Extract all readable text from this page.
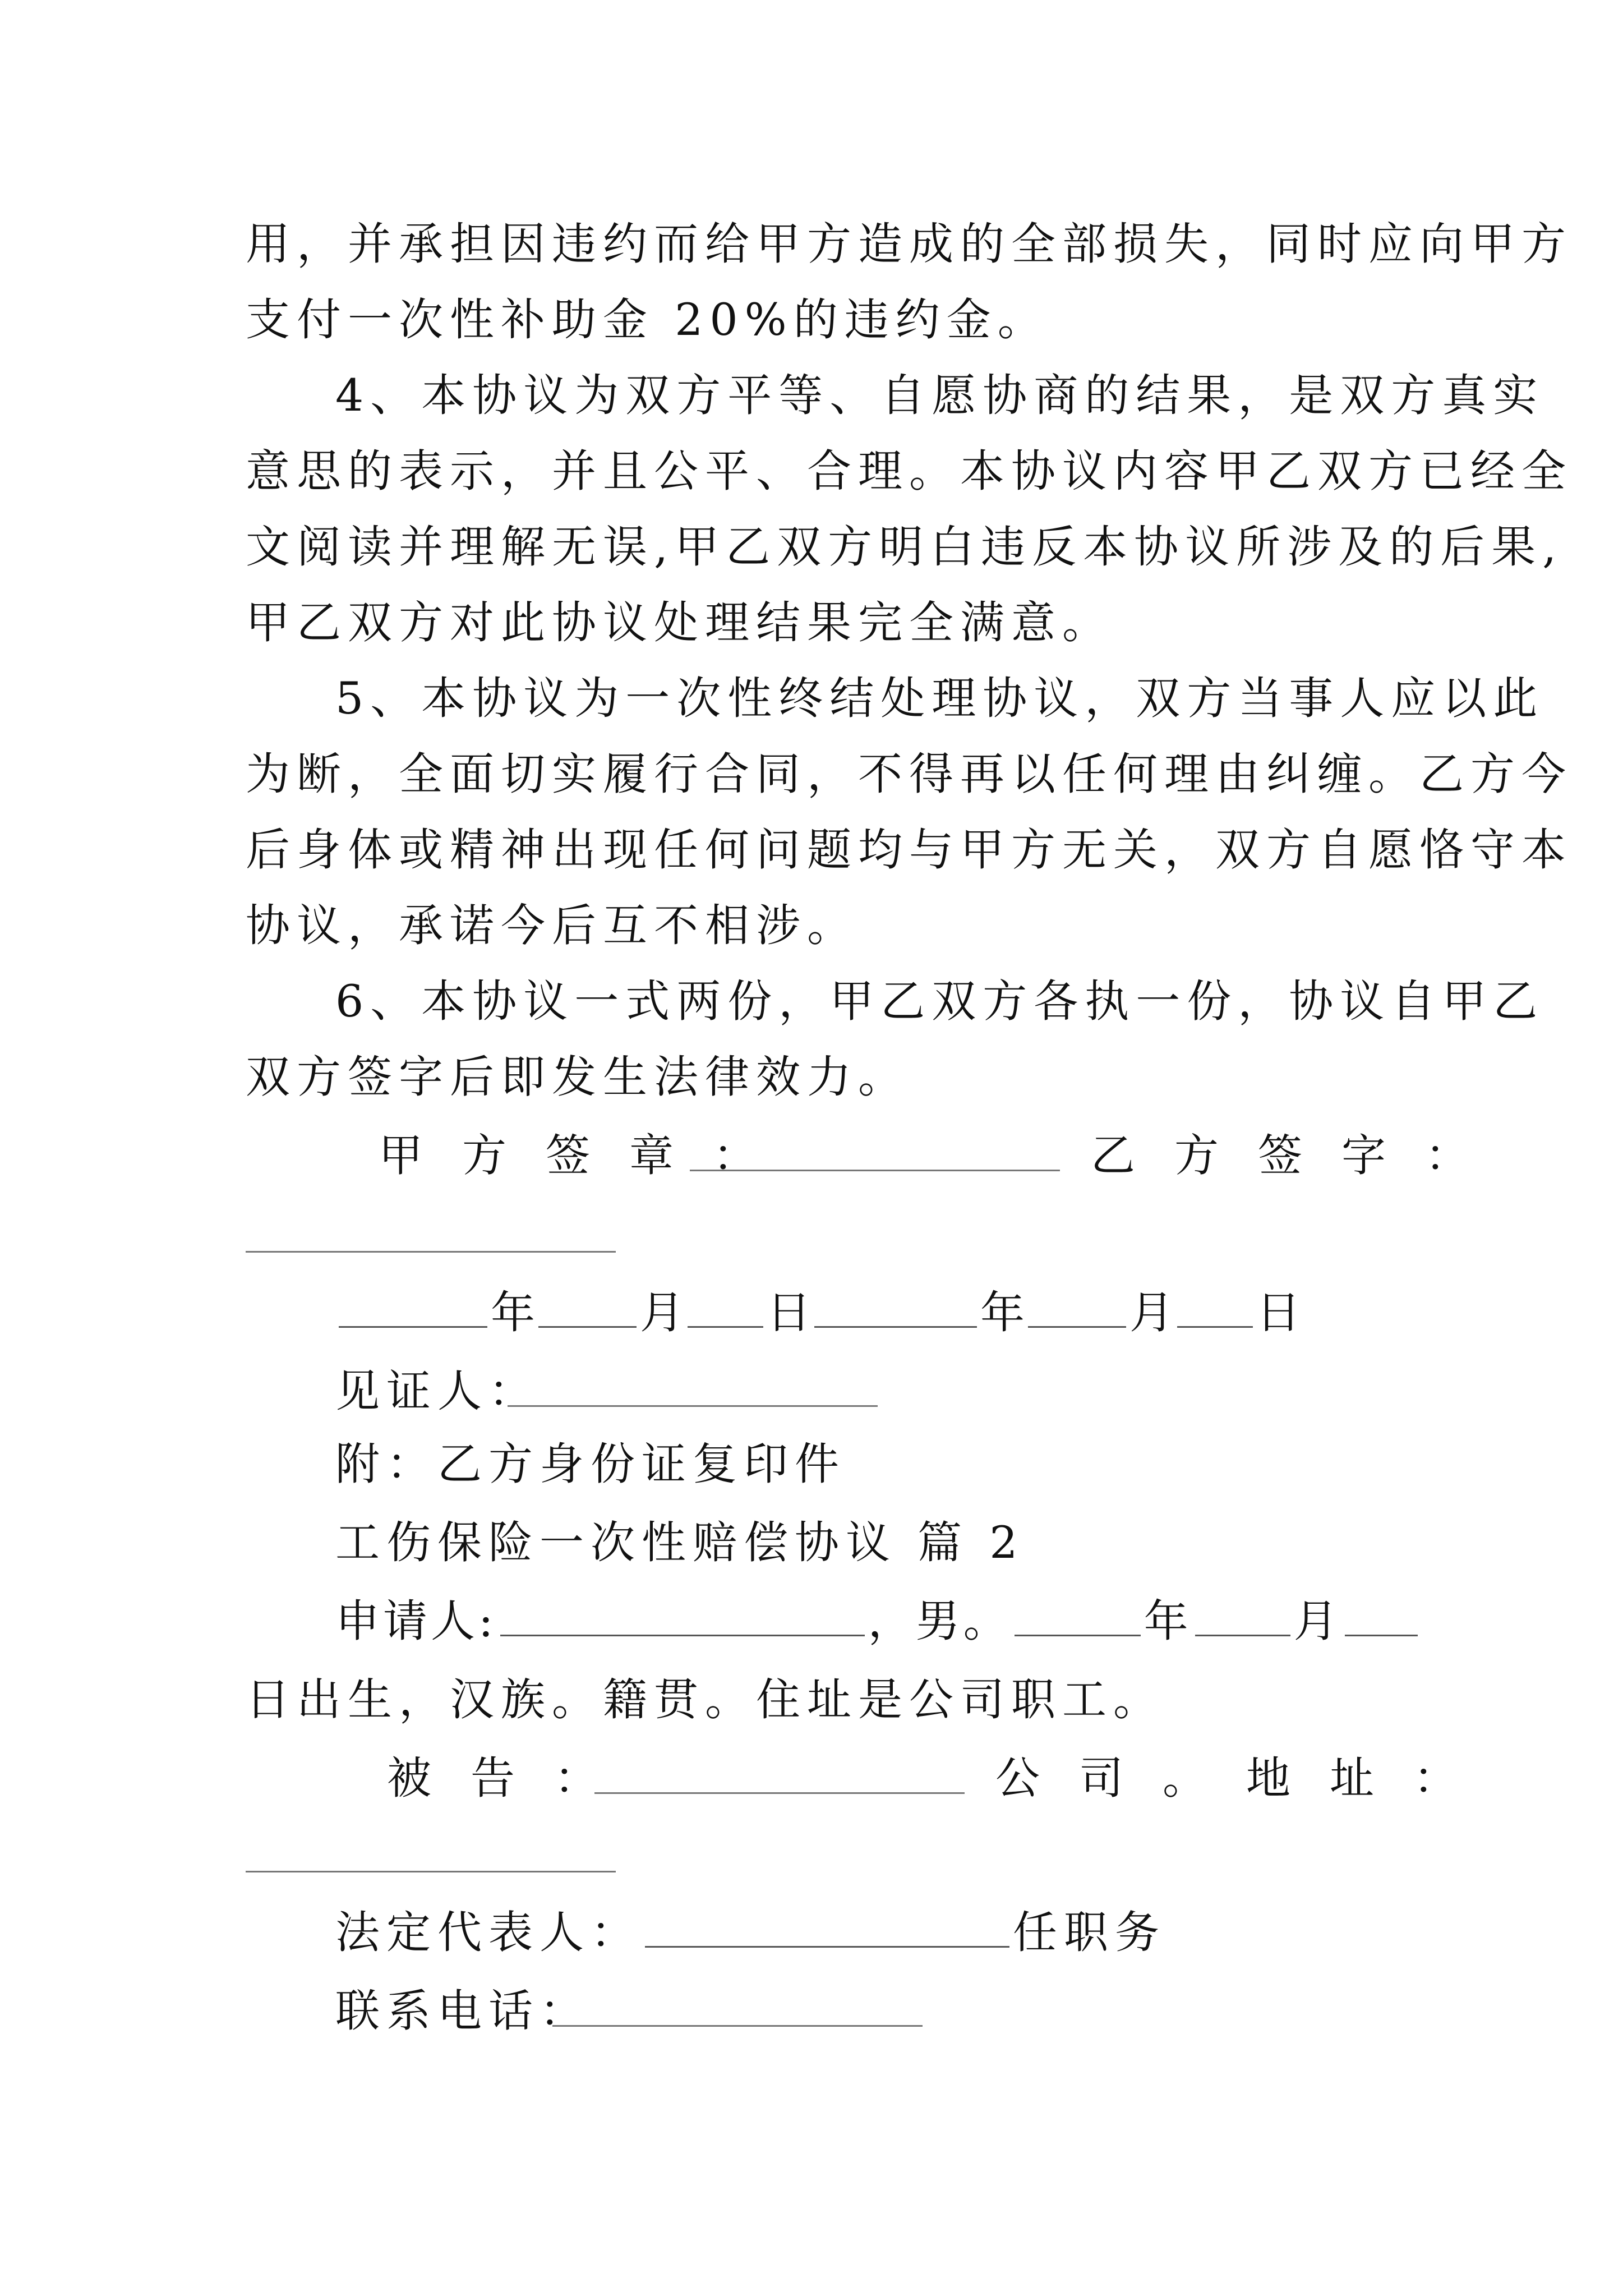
用，并承担因违约而给甲方造成的全部损失，同时应向甲方
支付一次性补助金 20%的违约金。
4、本协议为双方平等、自愿协商的结果，是双方真实
意思的表示，并且公平、合理。本协议内容甲乙双方已经全
文阅读并理解无误,甲乙双方明白违反本协议所涉及的后果,
甲乙双方对此协议处理结果完全满意。
5、本协议为一次性终结处理协议，双方当事人应以此
为断，全面切实履行合同，不得再以任何理由纠缠。乙方今
后身体或精神出现任何问题均与甲方无关，双方自愿恪守本
协议，承诺今后互不相涉。
6、本协议一式两份，甲乙双方各执一份，协议自甲乙
双方签字后即发生法律效力。
甲方签章：	乙方签字：
年 月 日	年 月 日
见证人：
附：乙方身份证复印件
工伤保险一次性赔偿协议 篇 2
申请人:	，男。	年 月
日出生，汉族。籍贯。住址是公司职工。
被告：	公司。地址：
法定代表人：	任职务
联系电话：
